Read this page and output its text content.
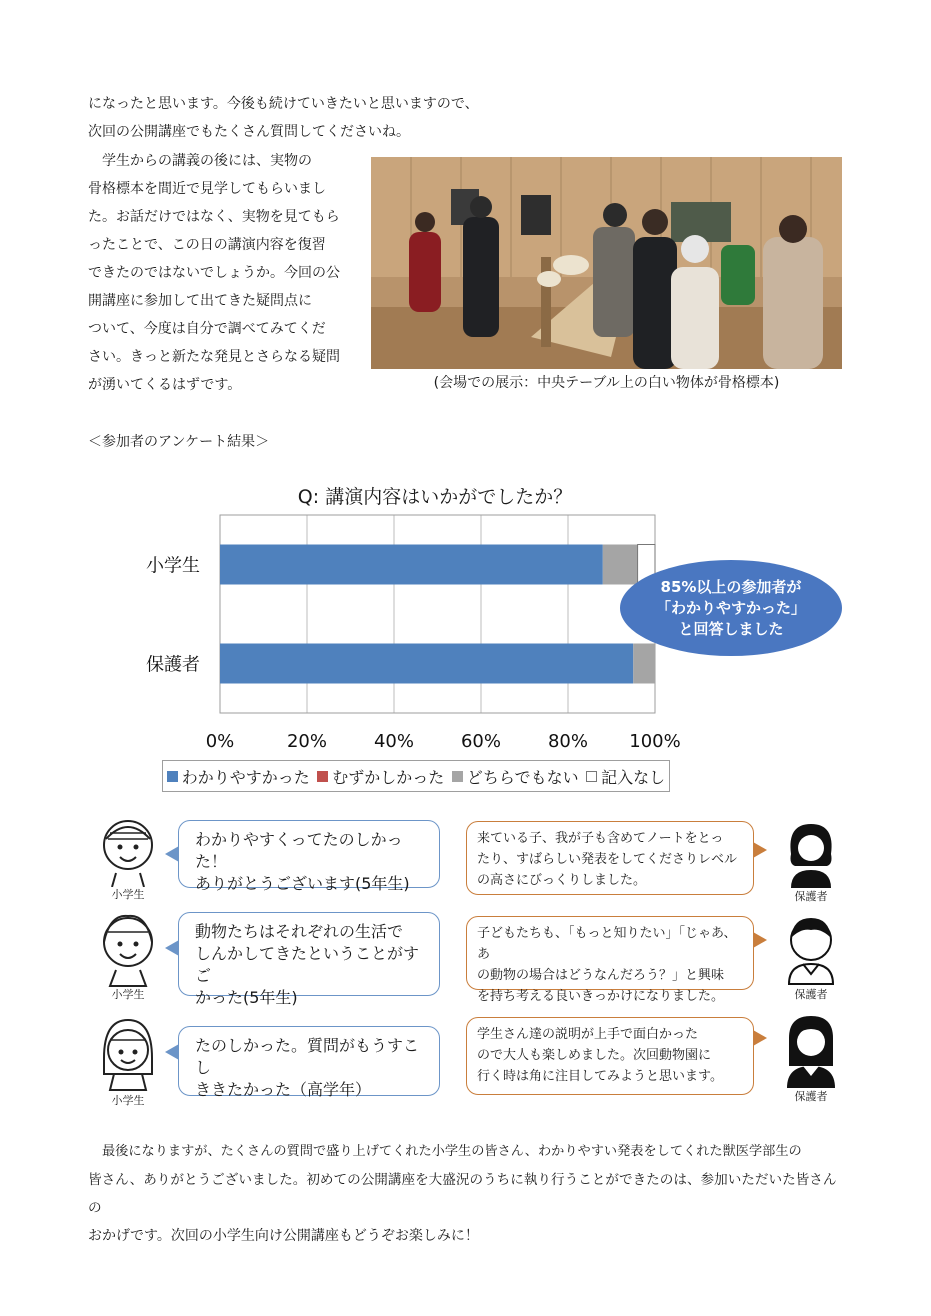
になったと思います。今後も続けていきたいと思いますので、

次回の公開講座でもたくさん質問してくださいね。

学生からの講義の後には、実物の
骨格標本を間近で見学してもらいまし
た。お話だけではなく、実物を見てもら
ったことで、この日の講演内容を復習
できたのではないでしょうか。今回の公
開講座に参加して出てきた疑問点に
ついて、今度は自分で調べてみてくだ
さい。きっと新たな発見とさらなる疑問
が湧いてくるはずです。	(会場での展示：中央テーブル上の白い物体が骨格標本)
＜参加者のアンケート結果＞
Q: 講演内容はいかがでしたか？
0%	20%	40%	60%	80% 100%
小学生
保護者
わかりやすかった むずかしかった どちらでもない 記入なし
85%以上の参加者が
「わかりやすかった」
と回答しました
小学生
わかりやすくってたのしかった！
ありがとうございます(5年生)
小学生
動物たちはそれぞれの生活で
しんかしてきたということがすご
かった(5年生)
小学生
たのしかった。質問がもうすこし
ききたかった（高学年）
来ている子、我が子も含めてノートをとっ
たり、すばらしい発表をしてくださりレベル
の高さにびっくりしました。
保護者
子どもたちも、「もっと知りたい」「じゃあ、あ
の動物の場合はどうなんだろう？」と興味
を持ち考える良いきっかけになりました。	保護者
学生さん達の説明が上手で面白かった
ので大人も楽しめました。次回動物園に
行く時は角に注目してみようと思います。
保護者
最後になりますが、たくさんの質問で盛り上げてくれた小学生の皆さん、わかりやすい発表をしてくれた獣医学部生の
皆さん、ありがとうございました。初めての公開講座を大盛況のうちに執り行うことができたのは、参加いただいた皆さんの
おかげです。次回の小学生向け公開講座もどうぞお楽しみに！
